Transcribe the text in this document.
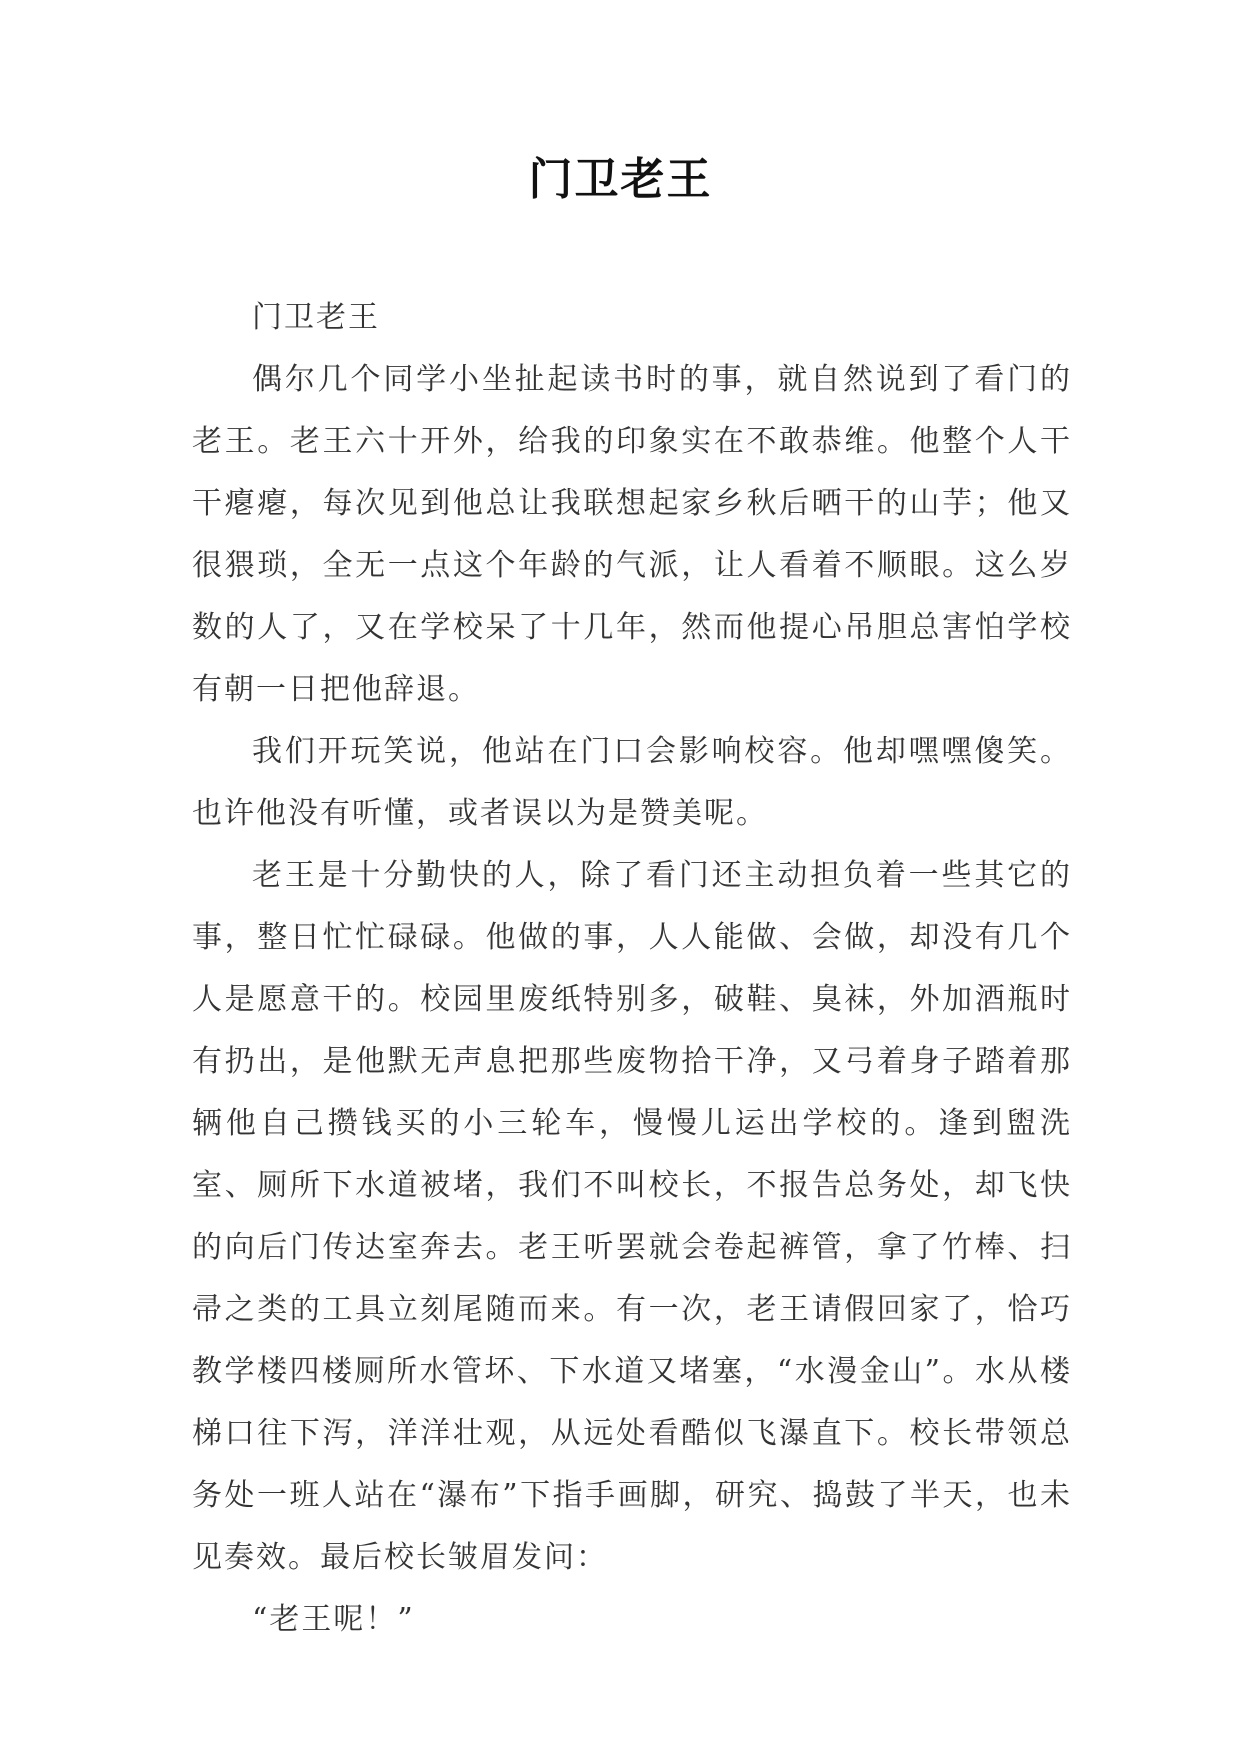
门卫老王

门卫老王

偶尔几个同学小坐扯起读书时的事，就自然说到了看门的老王。老王六十开外，给我的印象实在不敢恭维。他整个人干干瘪瘪，每次见到他总让我联想起家乡秋后晒干的山芋；他又很猥琐，全无一点这个年龄的气派，让人看着不顺眼。这么岁数的人了，又在学校呆了十几年，然而他提心吊胆总害怕学校有朝一日把他辞退。

我们开玩笑说，他站在门口会影响校容。他却嘿嘿傻笑。也许他没有听懂，或者误以为是赞美呢。

老王是十分勤快的人，除了看门还主动担负着一些其它的事，整日忙忙碌碌。他做的事，人人能做、会做，却没有几个人是愿意干的。校园里废纸特别多，破鞋、臭袜，外加酒瓶时有扔出，是他默无声息把那些废物拾干净，又弓着身子踏着那辆他自己攒钱买的小三轮车，慢慢儿运出学校的。逢到盥洗室、厕所下水道被堵，我们不叫校长，不报告总务处，却飞快的向后门传达室奔去。老王听罢就会卷起裤管，拿了竹棒、扫帚之类的工具立刻尾随而来。有一次，老王请假回家了，恰巧教学楼四楼厕所水管坏、下水道又堵塞，“水漫金山”。水从楼梯口往下泻，洋洋壮观，从远处看酷似飞瀑直下。校长带领总务处一班人站在“瀑布”下指手画脚，研究、捣鼓了半天，也未见奏效。最后校长皱眉发问：

“老王呢！”
